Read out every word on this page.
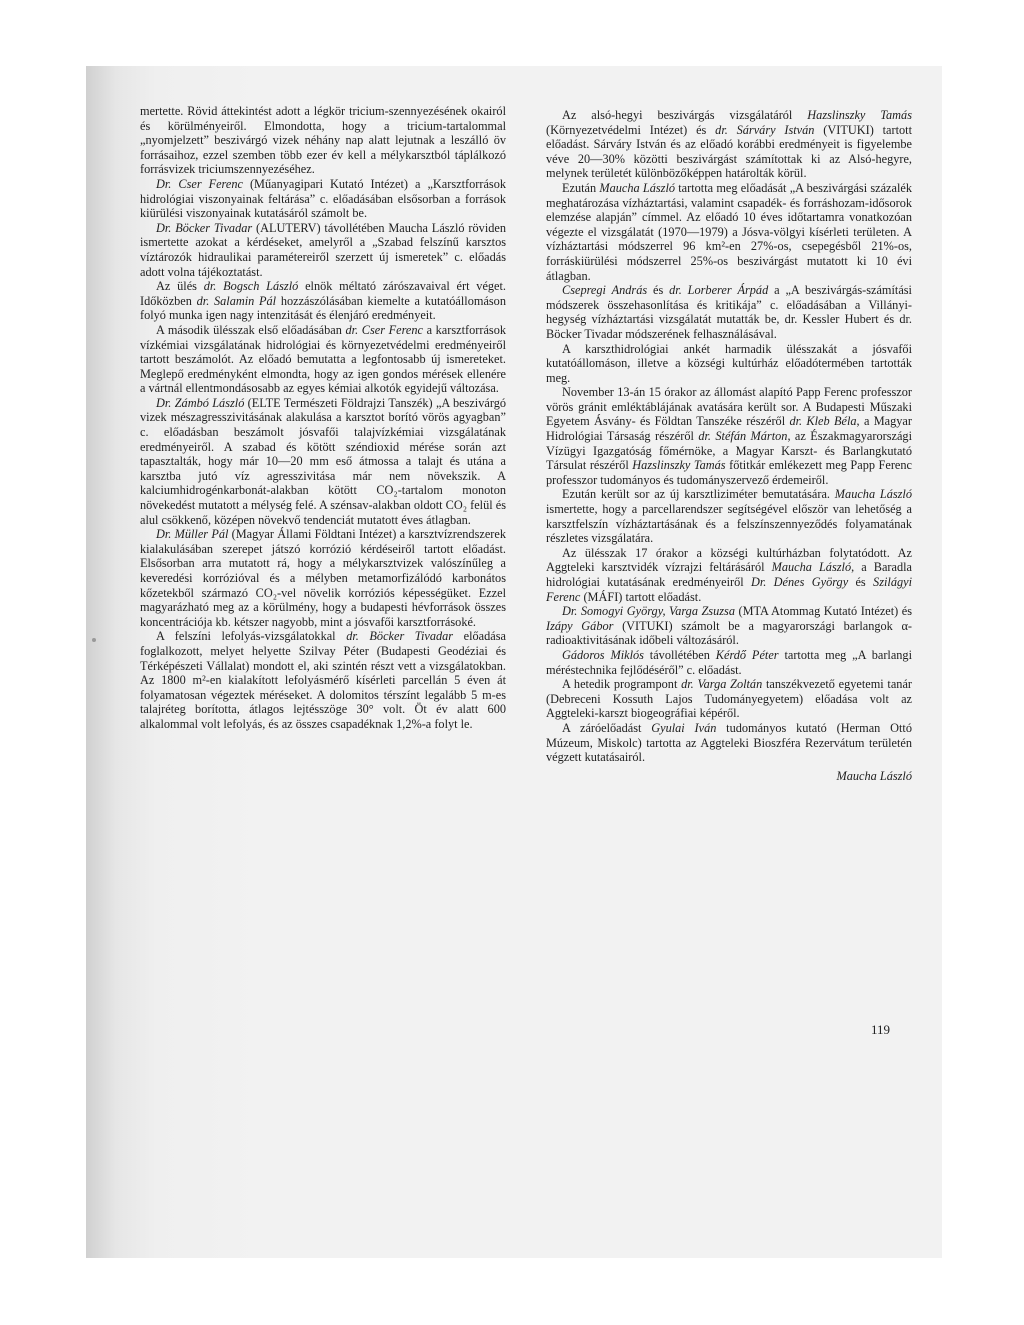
mertette. Rövid áttekintést adott a légkör tricium-szennyezésének okairól és körülményeiről. Elmondotta, hogy a tricium-tartalommal „nyomjelzett” beszivárgó vizek néhány nap alatt lejutnak a leszálló öv forrásaihoz, ezzel szemben több ezer év kell a mélykarsztból táplálkozó forrásvizek triciumszennyezéséhez.

Dr. Cser Ferenc (Műanyagipari Kutató Intézet) a „Karsztforrások hidrológiai viszonyainak feltárása” c. előadásában elsősorban a források kiürülési viszonyainak kutatásáról számolt be.

Dr. Böcker Tivadar (ALUTERV) távollétében Maucha László röviden ismertette azokat a kérdéseket, amelyről a „Szabad felszínű karsztos víztározók hidraulikai paramétereiről szerzett új ismeretek” c. előadás adott volna tájékoztatást.

Az ülés dr. Bogsch László elnök méltató zárószavaival ért véget. Időközben dr. Salamin Pál hozzászólásában kiemelte a kutatóállomáson folyó munka igen nagy intenzitását és élenjáró eredményeit.

A második ülésszak első előadásában dr. Cser Ferenc a karsztforrások vízkémiai vizsgálatának hidrológiai és környezetvédelmi eredményeiről tartott beszámolót. Az előadó bemutatta a legfontosabb új ismereteket. Meglepő eredményként elmondta, hogy az igen gondos mérések ellenére a vártnál ellentmondásosabb az egyes kémiai alkotók egyidejű változása.

Dr. Zámbó László (ELTE Természeti Földrajzi Tanszék) „A beszivárgó vizek mészagresszivitásának alakulása a karsztot borító vörös agyagban” c. előadásban beszámolt jósvafői talajvízkémiai vizsgálatának eredményeiről. A szabad és kötött széndioxid mérése során azt tapasztalták, hogy már 10—20 mm eső átmossa a talajt és utána a karsztba jutó víz agresszivitása már nem növekszik. A kalciumhidrogénkarbonát-alakban kötött CO₂-tartalom monoton növekedést mutatott a mélység felé. A szénsav-alakban oldott CO₂ felül és alul csökkenő, középen növekvő tendenciát mutatott éves átlagban.

Dr. Müller Pál (Magyar Állami Földtani Intézet) a karsztvízrendszerek kialakulásában szerepet játszó korrózió kérdéseiről tartott előadást. Elsősorban arra mutatott rá, hogy a mélykarsztvizek valószínűleg a keveredési korrózióval és a mélyben metamorfizálódó karbonátos kőzetekből származó CO₂-vel növelik korróziós képességüket. Ezzel magyarázható meg az a körülmény, hogy a budapesti hévforrások összes koncentrációja kb. kétszer nagyobb, mint a jósvafői karsztforrásoké.

A felszíni lefolyás-vizsgálatokkal dr. Böcker Tivadar előadása foglalkozott, melyet helyette Szilvay Péter (Budapesti Geodéziai és Térképészeti Vállalat) mondott el, aki szintén részt vett a vizsgálatokban. Az 1800 m²-en kialakított lefolyásmérő kísérleti parcellán 5 éven át folyamatosan végeztek méréseket. A dolomitos térszínt legalább 5 m-es talajréteg borította, átlagos lejtésszöge 30° volt. Öt év alatt 600 alkalommal volt lefolyás, és az összes csapadéknak 1,2%-a folyt le.

Az alsó-hegyi beszivárgás vizsgálatáról Hazslinszky Tamás (Környezetvédelmi Intézet) és dr. Sárváry István (VITUKI) tartott előadást. Sárváry István és az előadó korábbi eredményeit is figyelembe véve 20—30% közötti beszivárgást számítottak ki az Alsó-hegyre, melynek területét különbözőképpen határolták körül.

Ezután Maucha László tartotta meg előadását „A beszivárgási százalék meghatározása vízháztartási, valamint csapadék- és forráshozam-idősorok elemzése alapján” címmel. Az előadó 10 éves időtartamra vonatkozóan végezte el vizsgálatát (1970—1979) a Jósva-völgyi kísérleti területen. A vízháztartási módszerrel 96 km²-en 27%-os, csepegésből 21%-os, forráskiürülési módszerrel 25%-os beszivárgást mutatott ki 10 évi átlagban.

Csepregi András és dr. Lorberer Árpád a „A beszivárgás-számítási módszerek összehasonlítása és kritikája” c. előadásában a Villányi-hegység vízháztartási vizsgálatát mutatták be, dr. Kessler Hubert és dr. Böcker Tivadar módszerének felhasználásával.

A karszthidrológiai ankét harmadik ülésszakát a jósvafői kutatóállomáson, illetve a községi kultúrház előadótermében tartották meg.

November 13-án 15 órakor az állomást alapító Papp Ferenc professzor vörös gránit emléktáblájának avatására került sor. A Budapesti Műszaki Egyetem Ásvány- és Földtan Tanszéke részéről dr. Kleb Béla, a Magyar Hidrológiai Társaság részéről dr. Stéfán Márton, az Északmagyarországi Vízügyi Igazgatóság főmérnöke, a Magyar Karszt- és Barlangkutató Társulat részéről Hazslinszky Tamás főtitkár emlékezett meg Papp Ferenc professzor tudományos és tudományszervező érdemeiről.

Ezután került sor az új karsztliziméter bemutatására. Maucha László ismertette, hogy a parcellarendszer segítségével először van lehetőség a karsztfelszín vízháztartásának és a felszínszennyeződés folyamatának részletes vizsgálatára.

Az ülésszak 17 órakor a községi kultúrházban folytatódott. Az Aggteleki karsztvidék vízrajzi feltárásáról Maucha László, a Baradla hidrológiai kutatásának eredményeiről Dr. Dénes György és Szilágyi Ferenc (MÁFI) tartott előadást.

Dr. Somogyi György, Varga Zsuzsa (MTA Atommag Kutató Intézet) és Izápy Gábor (VITUKI) számolt be a magyarországi barlangok α-radioaktivitásának időbeli változásáról.

Gádoros Miklós távollétében Kérdő Péter tartotta meg „A barlangi méréstechnika fejlődéséről” c. előadást.

A hetedik programpont dr. Varga Zoltán tanszékvezető egyetemi tanár (Debreceni Kossuth Lajos Tudományegyetem) előadása volt az Aggteleki-karszt biogeográfiai képéről.

A záróelőadást Gyulai Iván tudományos kutató (Herman Ottó Múzeum, Miskolc) tartotta az Aggteleki Bioszféra Rezervátum területén végzett kutatásairól.

Maucha László

119
